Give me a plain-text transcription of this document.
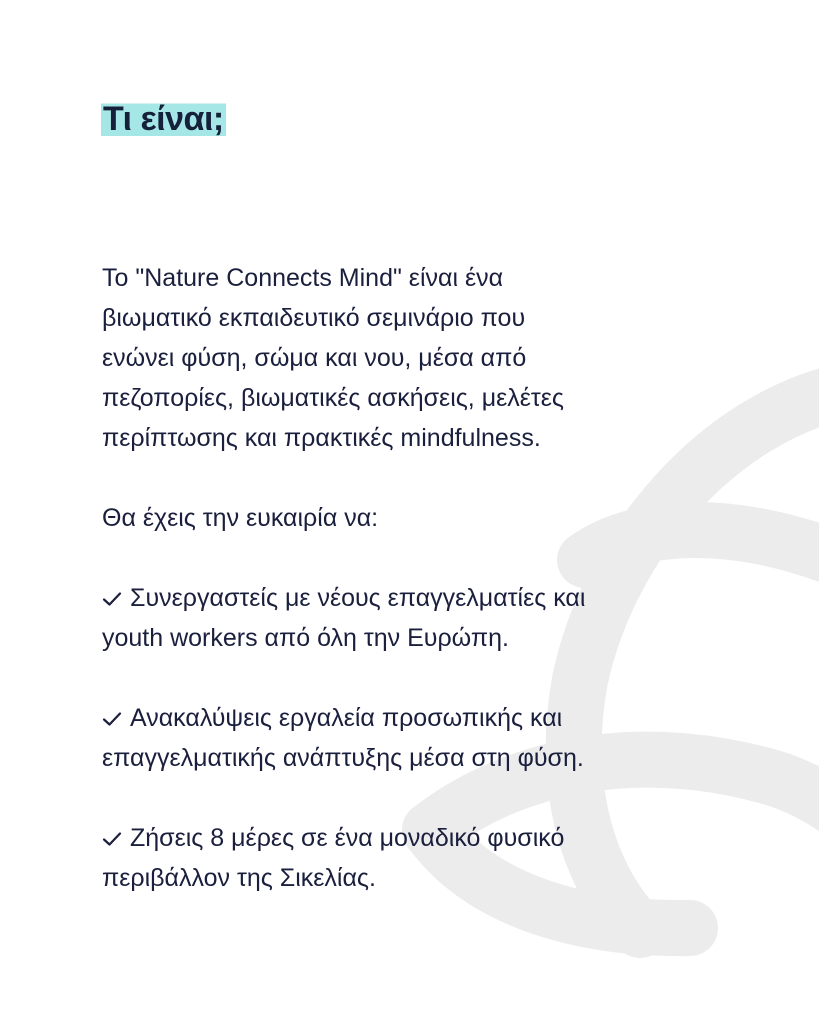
Τι είναι;
Το "Nature Connects Mind" είναι ένα
βιωματικό εκπαιδευτικό σεμινάριο που
ενώνει φύση, σώμα και νου, μέσα από
πεζοπορίες, βιωματικές ασκήσεις, μελέτες
περίπτωσης και πρακτικές mindfulness.
Θα έχεις την ευκαιρία να:
Συνεργαστείς με νέους επαγγελματίες και
youth workers από όλη την Ευρώπη.
Ανακαλύψεις εργαλεία προσωπικής και
επαγγελματικής ανάπτυξης μέσα στη φύση.
Ζήσεις 8 μέρες σε ένα μοναδικό φυσικό
περιβάλλον της Σικελίας.
